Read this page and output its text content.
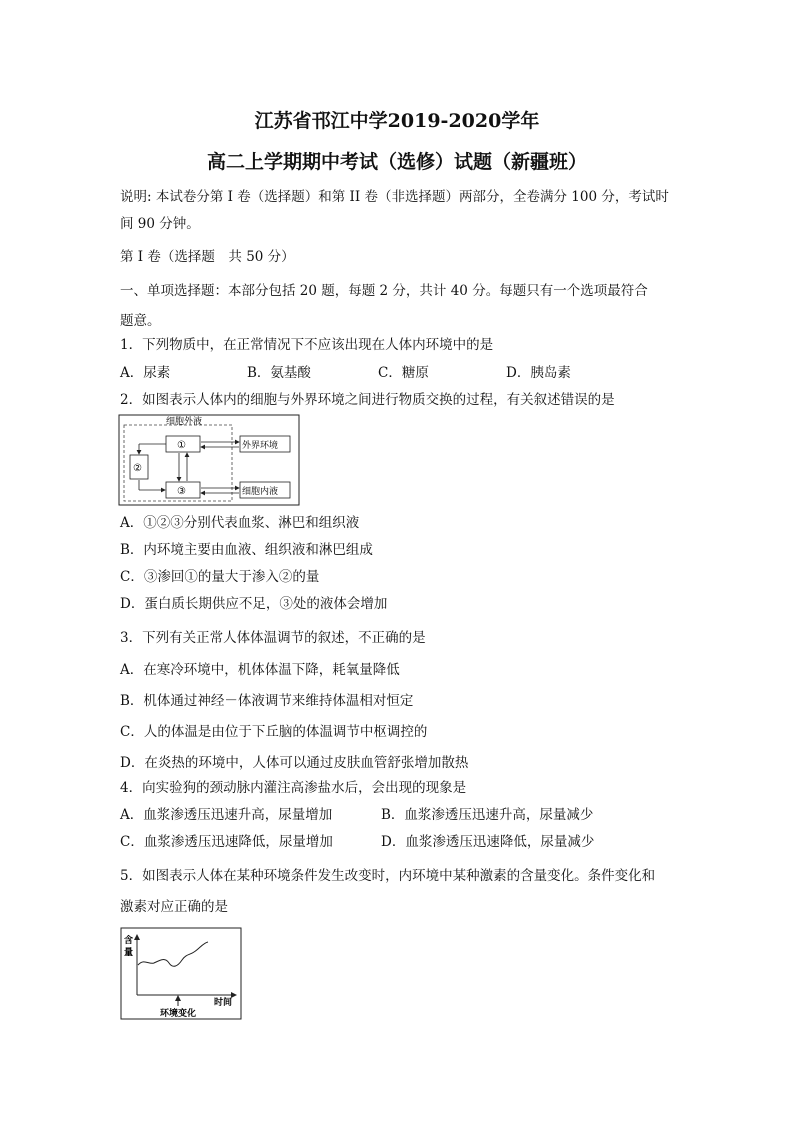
江苏省邗江中学2019-2020学年
高二上学期期中考试（选修）试题（新疆班）
说明: 本试卷分第 I 卷（选择题）和第 II 卷（非选择题）两部分，全卷满分 100 分，考试时
间 90 分钟。
第 I 卷（选择题　共 50 分）
一、单项选择题：本部分包括 20 题，每题 2 分，共计 40 分。每题只有一个选项最符合
题意。
1．下列物质中，在正常情况下不应该出现在人体内环境中的是
A．尿素	B．氨基酸	C．糖原	D．胰岛素
2．如图表示人体内的细胞与外界环境之间进行物质交换的过程，有关叙述错误的是
细胞外液
①
②
③
外界环境
细胞内液
A．①②③分别代表血浆、淋巴和组织液
B．内环境主要由血液、组织液和淋巴组成
C．③渗回①的量大于渗入②的量
D．蛋白质长期供应不足，③处的液体会增加
3．下列有关正常人体体温调节的叙述，不正确的是
A．在寒冷环境中，机体体温下降，耗氧量降低
B．机体通过神经－体液调节来维持体温相对恒定
C．人的体温是由位于下丘脑的体温调节中枢调控的
D．在炎热的环境中，人体可以通过皮肤血管舒张增加散热
4．向实验狗的颈动脉内灌注高渗盐水后，会出现的现象是
A．血浆渗透压迅速升高，尿量增加	B．血浆渗透压迅速升高，尿量减少
C．血浆渗透压迅速降低，尿量增加	D．血浆渗透压迅速降低，尿量减少
5．如图表示人体在某种环境条件发生改变时，内环境中某种激素的含量变化。条件变化和
激素对应正确的是
含
量
时间
环境变化
